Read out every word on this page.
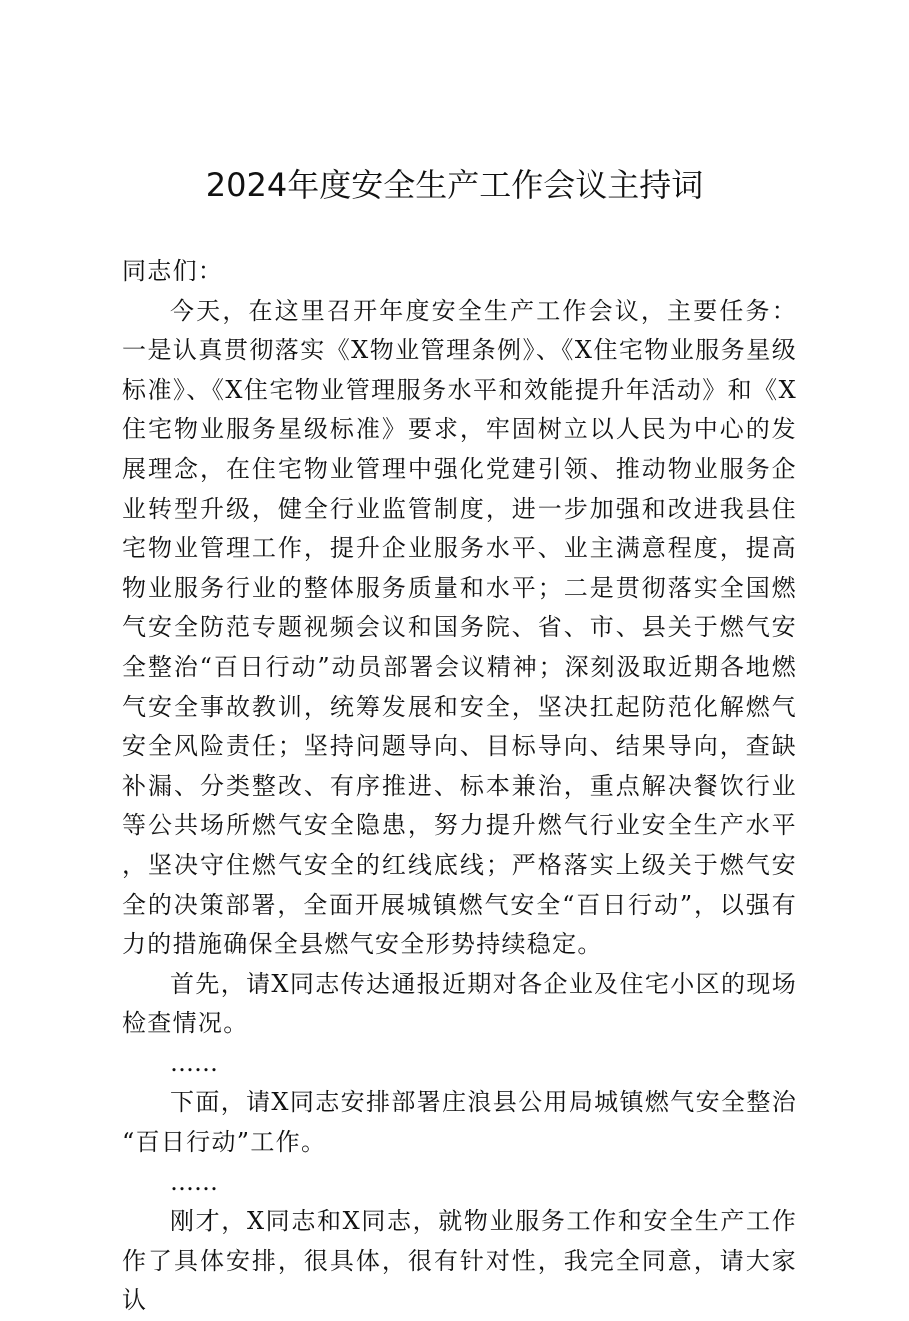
2024年度安全生产工作会议主持词

同志们：

今天，在这里召开年度安全生产工作会议，主要任务：一是认真贯彻落实《X物业管理条例》、《X住宅物业服务星级标准》、《X住宅物业管理服务水平和效能提升年活动》和《X住宅物业服务星级标准》要求，牢固树立以人民为中心的发展理念，在住宅物业管理中强化党建引领、推动物业服务企业转型升级，健全行业监管制度，进一步加强和改进我县住宅物业管理工作，提升企业服务水平、业主满意程度，提高物业服务行业的整体服务质量和水平；二是贯彻落实全国燃气安全防范专题视频会议和国务院、省、市、县关于燃气安全整治“百日行动”动员部署会议精神；深刻汲取近期各地燃气安全事故教训，统筹发展和安全，坚决扛起防范化解燃气安全风险责任；坚持问题导向、目标导向、结果导向，查缺补漏、分类整改、有序推进、标本兼治，重点解决餐饮行业等公共场所燃气安全隐患，努力提升燃气行业安全生产水平，坚决守住燃气安全的红线底线；严格落实上级关于燃气安全的决策部署，全面开展城镇燃气安全“百日行动”，以强有力的措施确保全县燃气安全形势持续稳定。

首先，请X同志传达通报近期对各企业及住宅小区的现场检查情况。

……

下面，请X同志安排部署庄浪县公用局城镇燃气安全整治“百日行动”工作。

……

刚才，X同志和X同志，就物业服务工作和安全生产工作作了具体安排，很具体，很有针对性，我完全同意，请大家认
